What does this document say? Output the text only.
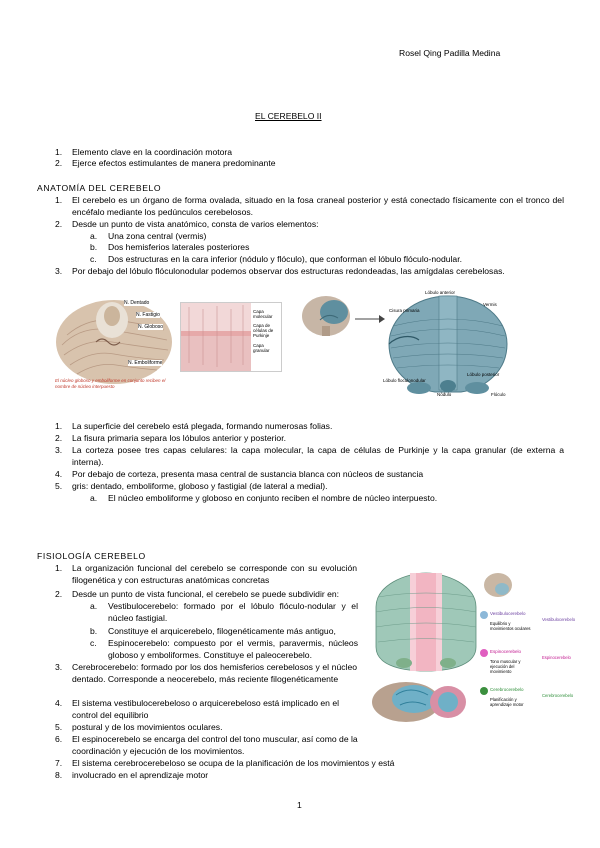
Rosel Qing Padilla Medina
EL CEREBELO II
1. Elemento clave en la coordinación motora
2. Ejerce efectos estimulantes de manera predominante
ANATOMÍA DEL CEREBELO
1. El cerebelo es un órgano de forma ovalada, situado en la fosa craneal posterior y está conectado físicamente con el tronco del encéfalo mediante los pedúnculos cerebelosos.
2. Desde un punto de vista anatómico, consta de varios elementos:
a. Una zona central (vermis)
b. Dos hemisferios laterales posteriores
c. Dos estructuras en la cara inferior (nódulo y flóculo), que conforman el lóbulo flóculo-nodular.
3. Por debajo del lóbulo flóculonodular podemos observar dos estructuras redondeadas, las amígdalas cerebelosas.
N. Dentado
N. Fastigio
N. Globoso
N. Emboliforme
El núcleo globoso y emboliforme en conjunto reciben el nombre de núcleo interpuesto
Capa molecular
Capa de células de Purkinje
Capa granular
Lóbulo anterior
Vermis
Cisura primaria
Lóbulo posterior
Lóbulo floculonodular
Nódulo	Flóculo
1. La superficie del cerebelo está plegada, formando numerosas folias.
2. La fisura primaria separa los lóbulos anterior y posterior.
3. La corteza posee tres capas celulares: la capa molecular, la capa de células de Purkinje y la capa granular (de externa a interna).
4. Por debajo de corteza, presenta masa central de sustancia blanca con núcleos de sustancia
5. gris: dentado, emboliforme, globoso y fastigial (de lateral a medial).
a. El núcleo emboliforme y globoso en conjunto reciben el nombre de núcleo interpuesto.
FISIOLOGÍA CEREBELO
1. La organización funcional del cerebelo se corresponde con su evolución filogenética y con estructuras anatómicas concretas
2. Desde un punto de vista funcional, el cerebelo se puede subdividir en:
a. Vestibulocerebelo: formado por el lóbulo flóculo-nodular y el núcleo fastigial.
b. Constituye el arquicerebelo, filogenéticamente más antiguo,
c. Espinocerebelo: compuesto por el vermis, paravermis, núcleos globoso y emboliformes. Constituye el paleocerebelo.
3. Cerebrocerebelo: formado por los dos hemisferios cerebelosos y el núcleo dentado. Corresponde a neocerebelo, más reciente filogenéticamente
4. El sistema vestibulocerebeloso o arquicerebeloso está implicado en el control del equilibrio
5. postural y de los movimientos oculares.
6. El espinocerebelo se encarga del control del tono muscular, así como de la coordinación y ejecución de los movimientos.
7. El sistema cerebrocerebeloso se ocupa de la planificación de los movimientos y está
8. involucrado en el aprendizaje motor
Vestibulocerebelo
Equilibrio y movimientos oculares
Espinocerebelo
Tono muscular y ejecución del movimiento
Cerebrocerebelo
Planificación y aprendizaje motor
Vestibulocerebelo
Espinocerebelo
Cerebrocerebelo
1
